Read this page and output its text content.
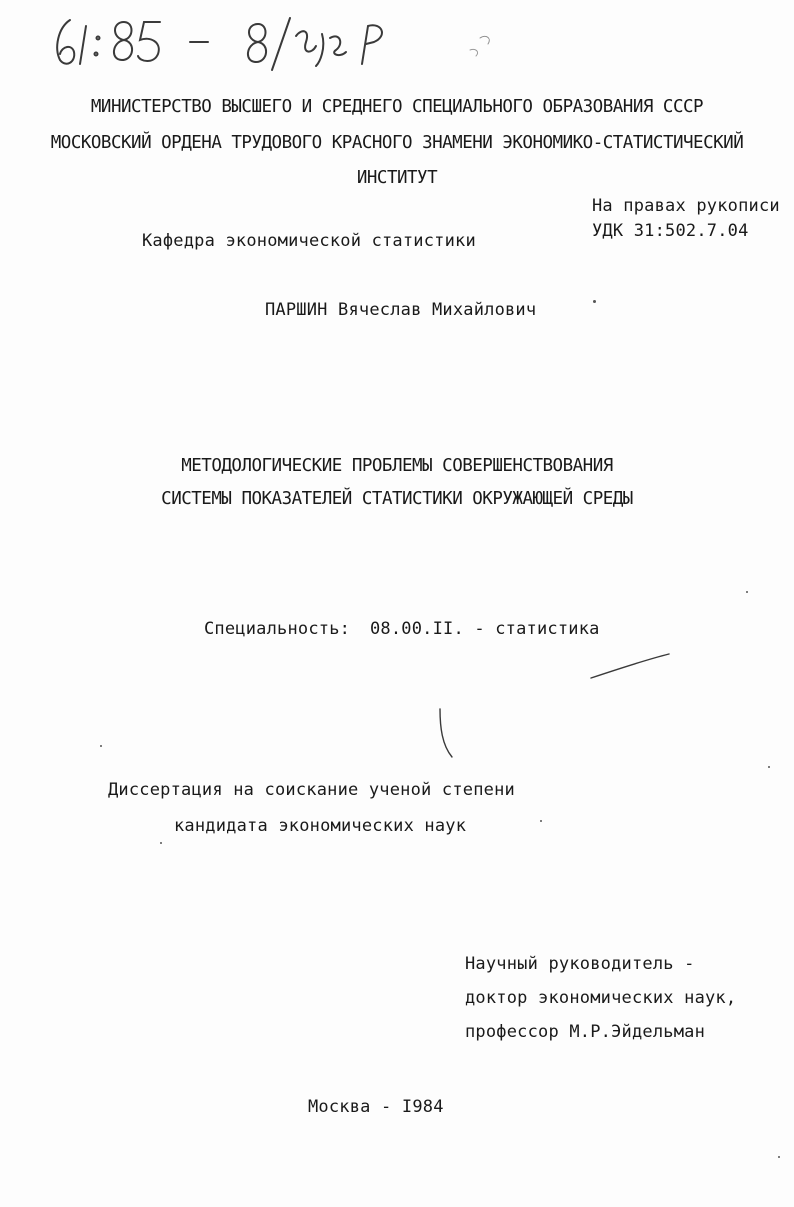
МИНИСТЕРСТВО ВЫСШЕГО И СРЕДНЕГО СПЕЦИАЛЬНОГО ОБРАЗОВАНИЯ СССР
МОСКОВСКИЙ ОРДЕНА ТРУДОВОГО КРАСНОГО ЗНАМЕНИ ЭКОНОМИКО-СТАТИСТИЧЕСКИЙ
ИНСТИТУТ
На правах рукописи
УДК 31:502.7.04
Кафедра экономической статистики
ПАРШИН Вячеслав Михайлович
МЕТОДОЛОГИЧЕСКИЕ ПРОБЛЕМЫ СОВЕРШЕНСТВОВАНИЯ
СИСТЕМЫ ПОКАЗАТЕЛЕЙ СТАТИСТИКИ ОКРУЖАЮЩЕЙ СРЕДЫ
Специальность: 08.00.II. - статистика
Диссертация на соискание ученой степени
кандидата экономических наук
Научный руководитель -
доктор экономических наук,
профессор М.Р.Эйдельман
Москва - I984
